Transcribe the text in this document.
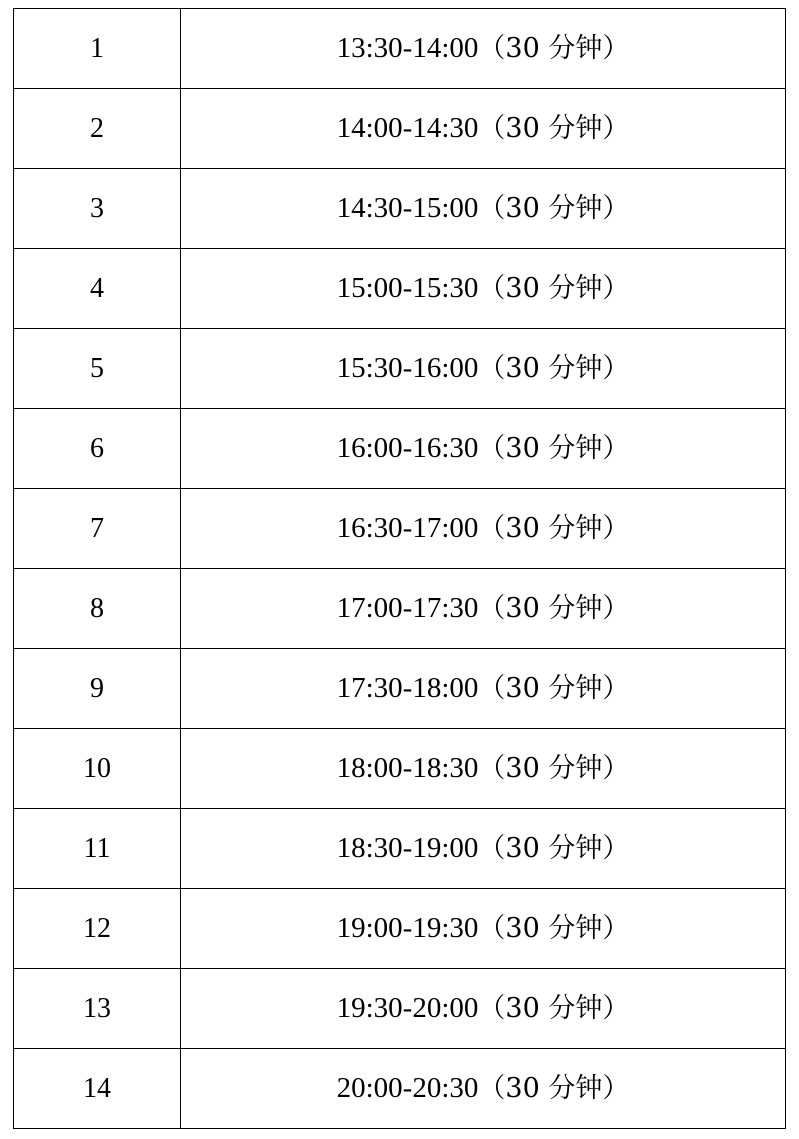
1	13:30-14:00（30 分钟）
2	14:00-14:30（30 分钟）
3	14:30-15:00（30 分钟）
4	15:00-15:30（30 分钟）
5	15:30-16:00（30 分钟）
6	16:00-16:30（30 分钟）
7	16:30-17:00（30 分钟）
8	17:00-17:30（30 分钟）
9	17:30-18:00（30 分钟）
10	18:00-18:30（30 分钟）
11	18:30-19:00（30 分钟）
12	19:00-19:30（30 分钟）
13	19:30-20:00（30 分钟）
14	20:00-20:30（30 分钟）
